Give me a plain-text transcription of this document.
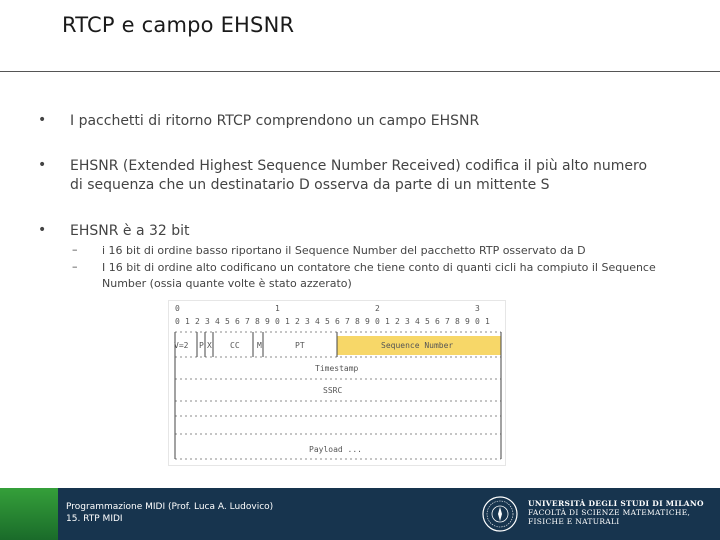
RTCP e campo EHSNR
• I pacchetti di ritorno RTCP comprendono un campo EHSNR
• EHSNR (Extended Highest Sequence Number Received) codifica il più alto numero
di sequenza che un destinatario D osserva da parte di un mittente S
• EHSNR è a 32 bit
– i 16 bit di ordine basso riportano il Sequence Number del pacchetto RTP osservato da D
– I 16 bit di ordine alto codificano un contatore che tiene conto di quanti cicli ha compiuto il Sequence
Number (ossia quante volte è stato azzerato)
0	1	2	3
0 1 2 3 4 5 6 7 8 9 0 1 2 3 4 5 6 7 8 9 0 1 2 3 4 5 6 7 8 9 0 1
V=2 P X CC M	PT	Sequence Number
Timestamp
SSRC
Payload ...
Programmazione MIDI (Prof. Luca A. Ludovico)
15. RTP MIDI
UNIVERSITÀ DEGLI STUDI DI MILANO
FACOLTÀ DI SCIENZE MATEMATICHE,
FISICHE E NATURALI
